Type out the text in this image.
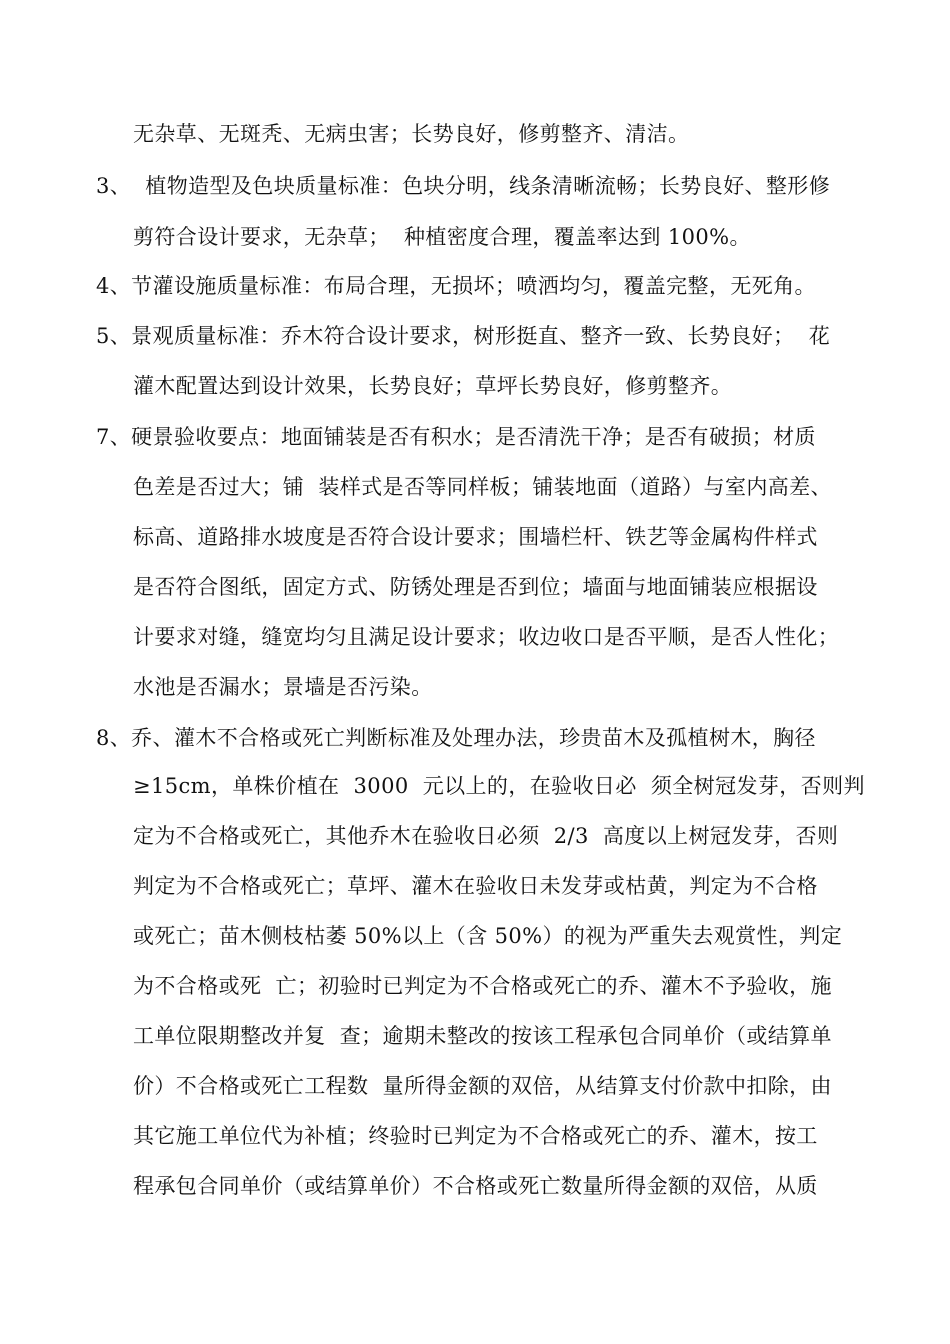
无杂草、无斑秃、无病虫害；长势良好，修剪整齐、清洁。
3、  植物造型及色块质量标准：色块分明，线条清晰流畅；长势良好、整形修
剪符合设计要求，无杂草；  种植密度合理，覆盖率达到 100%。
4、节灌设施质量标准：布局合理，无损坏；喷洒均匀，覆盖完整，无死角。
5、景观质量标准：乔木符合设计要求，树形挺直、整齐一致、长势良好；  花
灌木配置达到设计效果，长势良好；草坪长势良好，修剪整齐。
7、硬景验收要点：地面铺装是否有积水；是否清洗干净；是否有破损；材质
色差是否过大；铺  装样式是否等同样板；铺装地面（道路）与室内高差、
标高、道路排水坡度是否符合设计要求；围墙栏杆、铁艺等金属构件样式
是否符合图纸，固定方式、防锈处理是否到位；墙面与地面铺装应根据设
计要求对缝，缝宽均匀且满足设计要求；收边收口是否平顺，是否人性化；
水池是否漏水；景墙是否污染。
8、乔、灌木不合格或死亡判断标准及处理办法，珍贵苗木及孤植树木，胸径
≥15cm，单株价植在  3000  元以上的，在验收日必  须全树冠发芽，否则判
定为不合格或死亡，其他乔木在验收日必须  2/3  高度以上树冠发芽，否则
判定为不合格或死亡；草坪、灌木在验收日未发芽或枯黄，判定为不合格
或死亡；苗木侧枝枯萎 50%以上（含 50%）的视为严重失去观赏性，判定
为不合格或死  亡；初验时已判定为不合格或死亡的乔、灌木不予验收，施
工单位限期整改并复  查；逾期未整改的按该工程承包合同单价（或结算单
价）不合格或死亡工程数  量所得金额的双倍，从结算支付价款中扣除，由
其它施工单位代为补植；终验时已判定为不合格或死亡的乔、灌木，按工
程承包合同单价（或结算单价）不合格或死亡数量所得金额的双倍，从质
